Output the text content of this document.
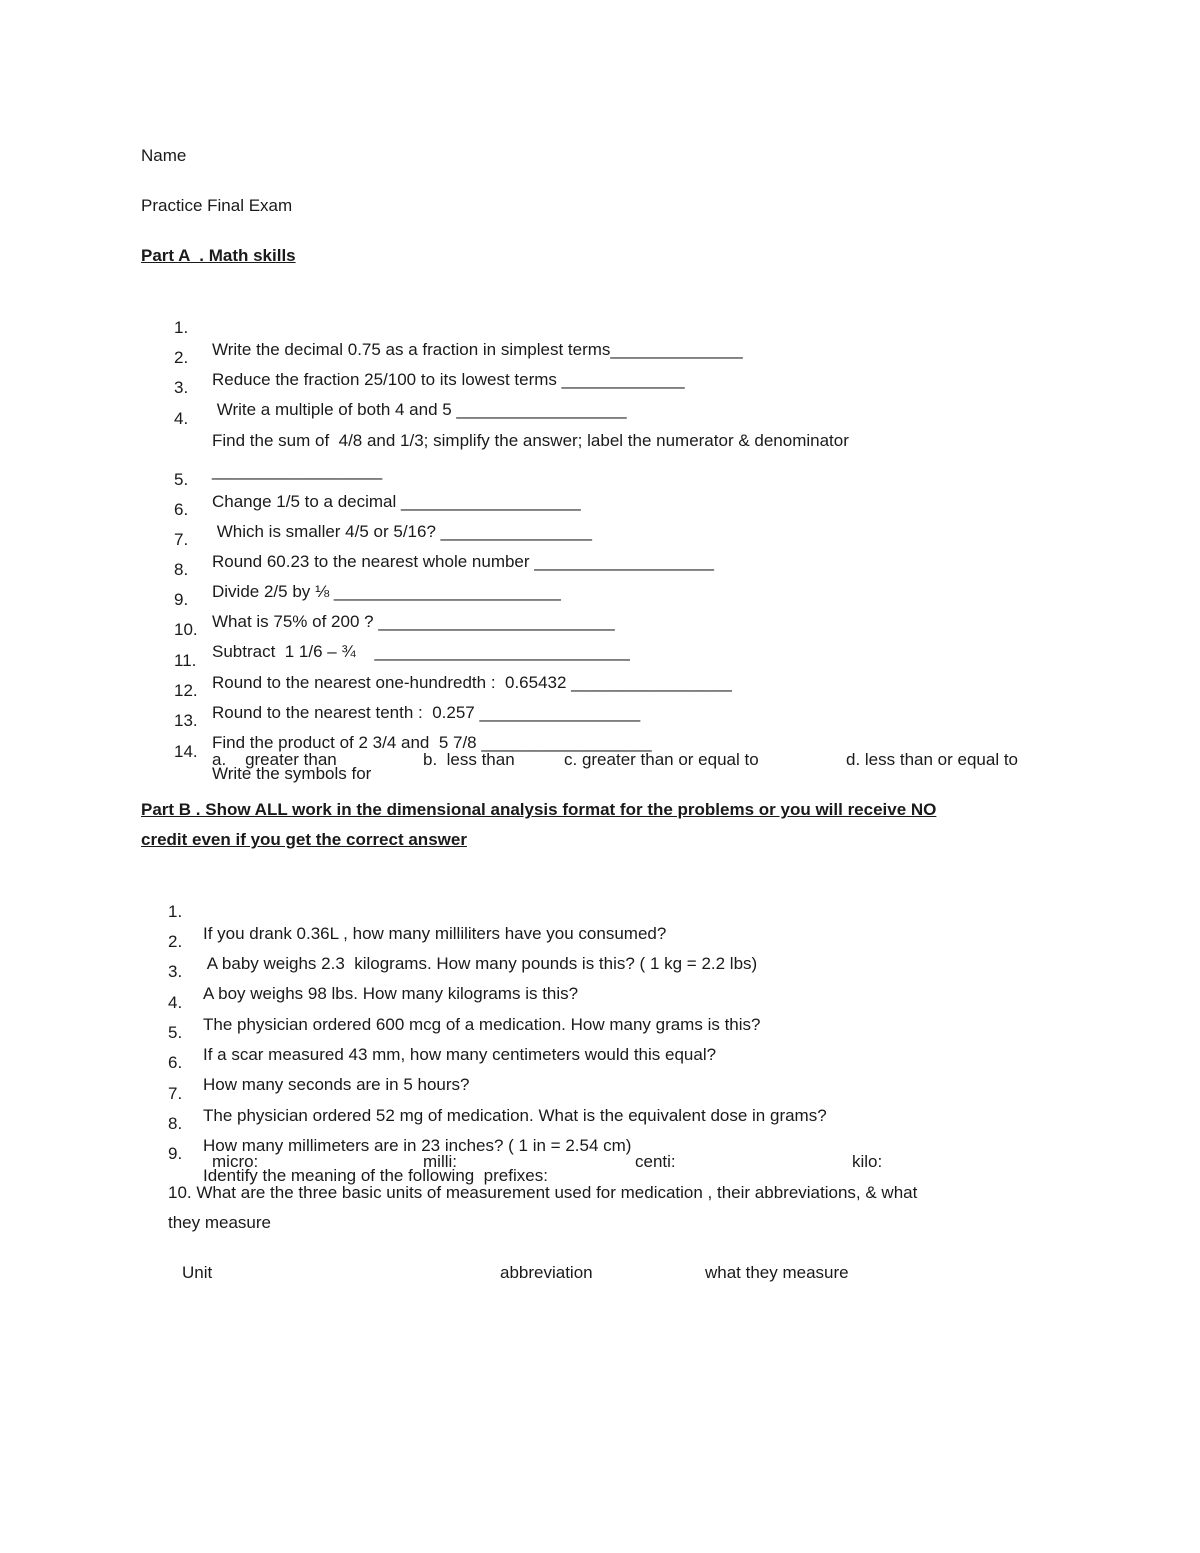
Name
Practice Final Exam
Part A  . Math skills

1.

Write the decimal 0.75 as a fraction in simplest terms______________

2.

Reduce the fraction 25/100 to its lowest terms _____________

3.

Write a multiple of both 4 and 5 __________________

4.

Find the sum of  4/8 and 1/3; simplify the answer; label the numerator & denominator

__________________

5.

Change 1/5 to a decimal ___________________

6.

Which is smaller 4/5 or 5/16? ________________

7.

Round 60.23 to the nearest whole number ___________________

8.

Divide 2/5 by ⅛ ________________________

9.

What is 75% of 200 ? _________________________

10.

Subtract  1 1/6 – ¾    ___________________________

11.

Round to the nearest one-hundredth :  0.65432 _________________

12.

Round to the nearest tenth :  0.257 _________________

13.

Find the product of 2 3/4 and  5 7/8 __________________

14.

Write the symbols for

a.    greater than	b.  less than	c. greater than or equal to	d. less than or equal to
Part B . Show ALL work in the dimensional analysis format for the problems or you will receive NO
credit even if you get the correct answer

1.

If you drank 0.36L , how many milliliters have you consumed?

2.

A baby weighs 2.3  kilograms. How many pounds is this? ( 1 kg = 2.2 lbs)

3.

A boy weighs 98 lbs. How many kilograms is this?

4.

The physician ordered 600 mcg of a medication. How many grams is this?

5.

If a scar measured 43 mm, how many centimeters would this equal?

6.

How many seconds are in 5 hours?

7.

The physician ordered 52 mg of medication. What is the equivalent dose in grams?

8.

How many millimeters are in 23 inches? ( 1 in = 2.54 cm)

9.

Identify the meaning of the following  prefixes:

micro:	milli:	centi:	kilo:
10. What are the three basic units of measurement used for medication , their abbreviations, & what
they measure
Unit	abbreviation	what they measure
